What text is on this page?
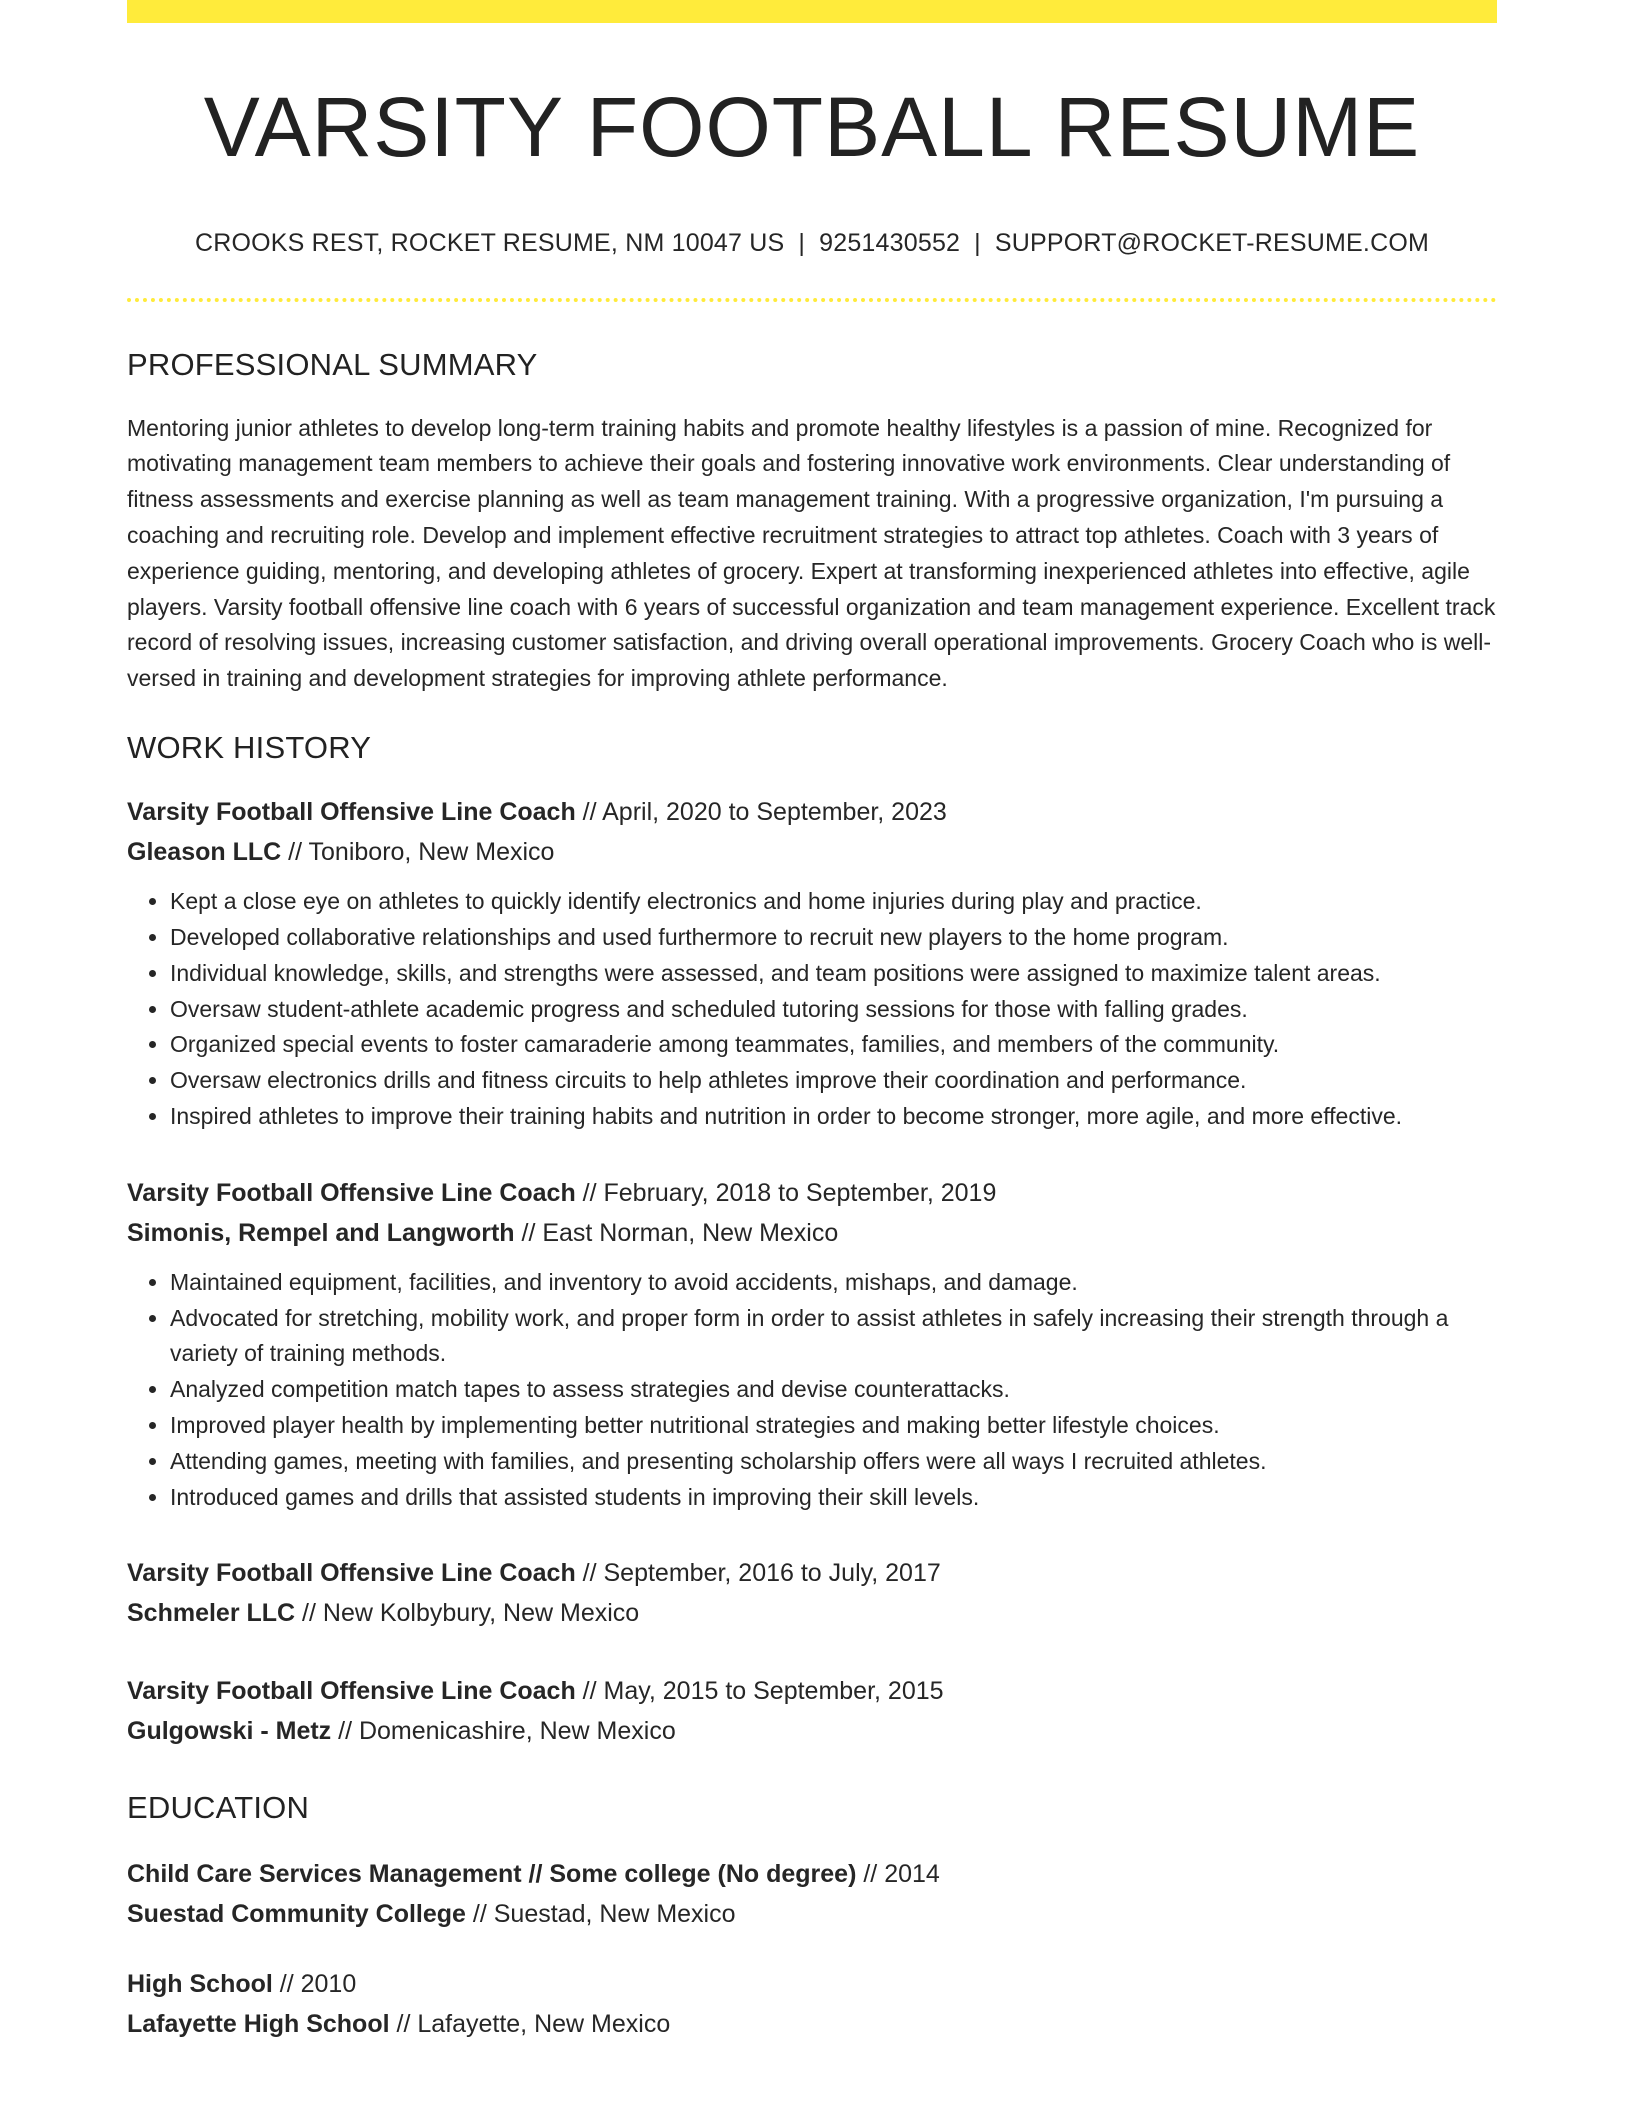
VARSITY FOOTBALL RESUME
CROOKS REST, ROCKET RESUME, NM 10047 US | 9251430552 | SUPPORT@ROCKET-RESUME.COM
PROFESSIONAL SUMMARY
Mentoring junior athletes to develop long-term training habits and promote healthy lifestyles is a passion of mine. Recognized for motivating management team members to achieve their goals and fostering innovative work environments. Clear understanding of fitness assessments and exercise planning as well as team management training. With a progressive organization, I'm pursuing a coaching and recruiting role. Develop and implement effective recruitment strategies to attract top athletes. Coach with 3 years of experience guiding, mentoring, and developing athletes of grocery. Expert at transforming inexperienced athletes into effective, agile players. Varsity football offensive line coach with 6 years of successful organization and team management experience. Excellent track record of resolving issues, increasing customer satisfaction, and driving overall operational improvements. Grocery Coach who is well-versed in training and development strategies for improving athlete performance.
WORK HISTORY
Varsity Football Offensive Line Coach // April, 2020 to September, 2023
Gleason LLC // Toniboro, New Mexico
• Kept a close eye on athletes to quickly identify electronics and home injuries during play and practice.
• Developed collaborative relationships and used furthermore to recruit new players to the home program.
• Individual knowledge, skills, and strengths were assessed, and team positions were assigned to maximize talent areas.
• Oversaw student-athlete academic progress and scheduled tutoring sessions for those with falling grades.
• Organized special events to foster camaraderie among teammates, families, and members of the community.
• Oversaw electronics drills and fitness circuits to help athletes improve their coordination and performance.
• Inspired athletes to improve their training habits and nutrition in order to become stronger, more agile, and more effective.
Varsity Football Offensive Line Coach // February, 2018 to September, 2019
Simonis, Rempel and Langworth // East Norman, New Mexico
• Maintained equipment, facilities, and inventory to avoid accidents, mishaps, and damage.
• Advocated for stretching, mobility work, and proper form in order to assist athletes in safely increasing their strength through a variety of training methods.
• Analyzed competition match tapes to assess strategies and devise counterattacks.
• Improved player health by implementing better nutritional strategies and making better lifestyle choices.
• Attending games, meeting with families, and presenting scholarship offers were all ways I recruited athletes.
• Introduced games and drills that assisted students in improving their skill levels.
Varsity Football Offensive Line Coach // September, 2016 to July, 2017
Schmeler LLC // New Kolbybury, New Mexico
Varsity Football Offensive Line Coach // May, 2015 to September, 2015
Gulgowski - Metz // Domenicashire, New Mexico
EDUCATION
Child Care Services Management // Some college (No degree) // 2014
Suestad Community College // Suestad, New Mexico
High School // 2010
Lafayette High School // Lafayette, New Mexico
